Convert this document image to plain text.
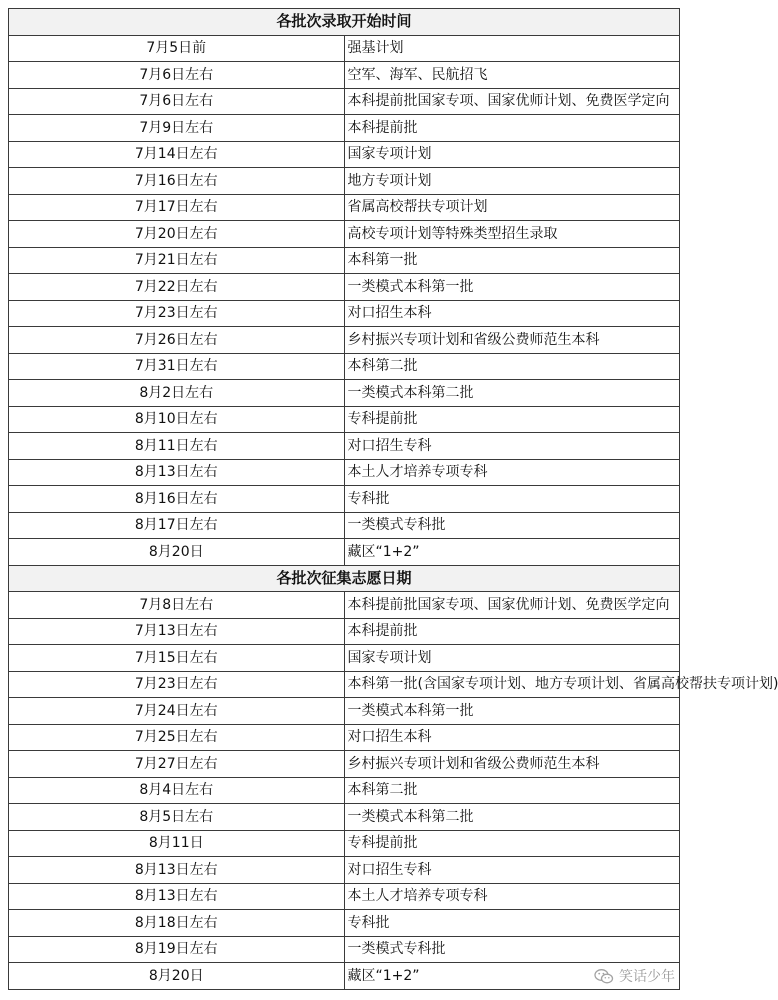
各批次录取开始时间	
7月5日前	强基计划
7月6日左右	空军、海军、民航招飞
7月6日左右	本科提前批国家专项、国家优师计划、免费医学定向
7月9日左右	本科提前批
7月14日左右	国家专项计划
7月16日左右	地方专项计划
7月17日左右	省属高校帮扶专项计划
7月20日左右	高校专项计划等特殊类型招生录取
7月21日左右	本科第一批
7月22日左右	一类模式本科第一批
7月23日左右	对口招生本科
7月26日左右	乡村振兴专项计划和省级公费师范生本科
7月31日左右	本科第二批
8月2日左右	一类模式本科第二批
8月10日左右	专科提前批
8月11日左右	对口招生专科
8月13日左右	本土人才培养专项专科
8月16日左右	专科批
8月17日左右	一类模式专科批
8月20日	藏区“1+2”
各批次征集志愿日期	
7月8日左右	本科提前批国家专项、国家优师计划、免费医学定向
7月13日左右	本科提前批
7月15日左右	国家专项计划
7月23日左右	本科第一批(含国家专项计划、地方专项计划、省属高校帮扶专项计划)
7月24日左右	一类模式本科第一批
7月25日左右	对口招生本科
7月27日左右	乡村振兴专项计划和省级公费师范生本科
8月4日左右	本科第二批
8月5日左右	一类模式本科第二批
8月11日	专科提前批
8月13日左右	对口招生专科
8月13日左右	本土人才培养专项专科
8月18日左右	专科批
8月19日左右	一类模式专科批
8月20日	藏区“1+2”	笑话少年
